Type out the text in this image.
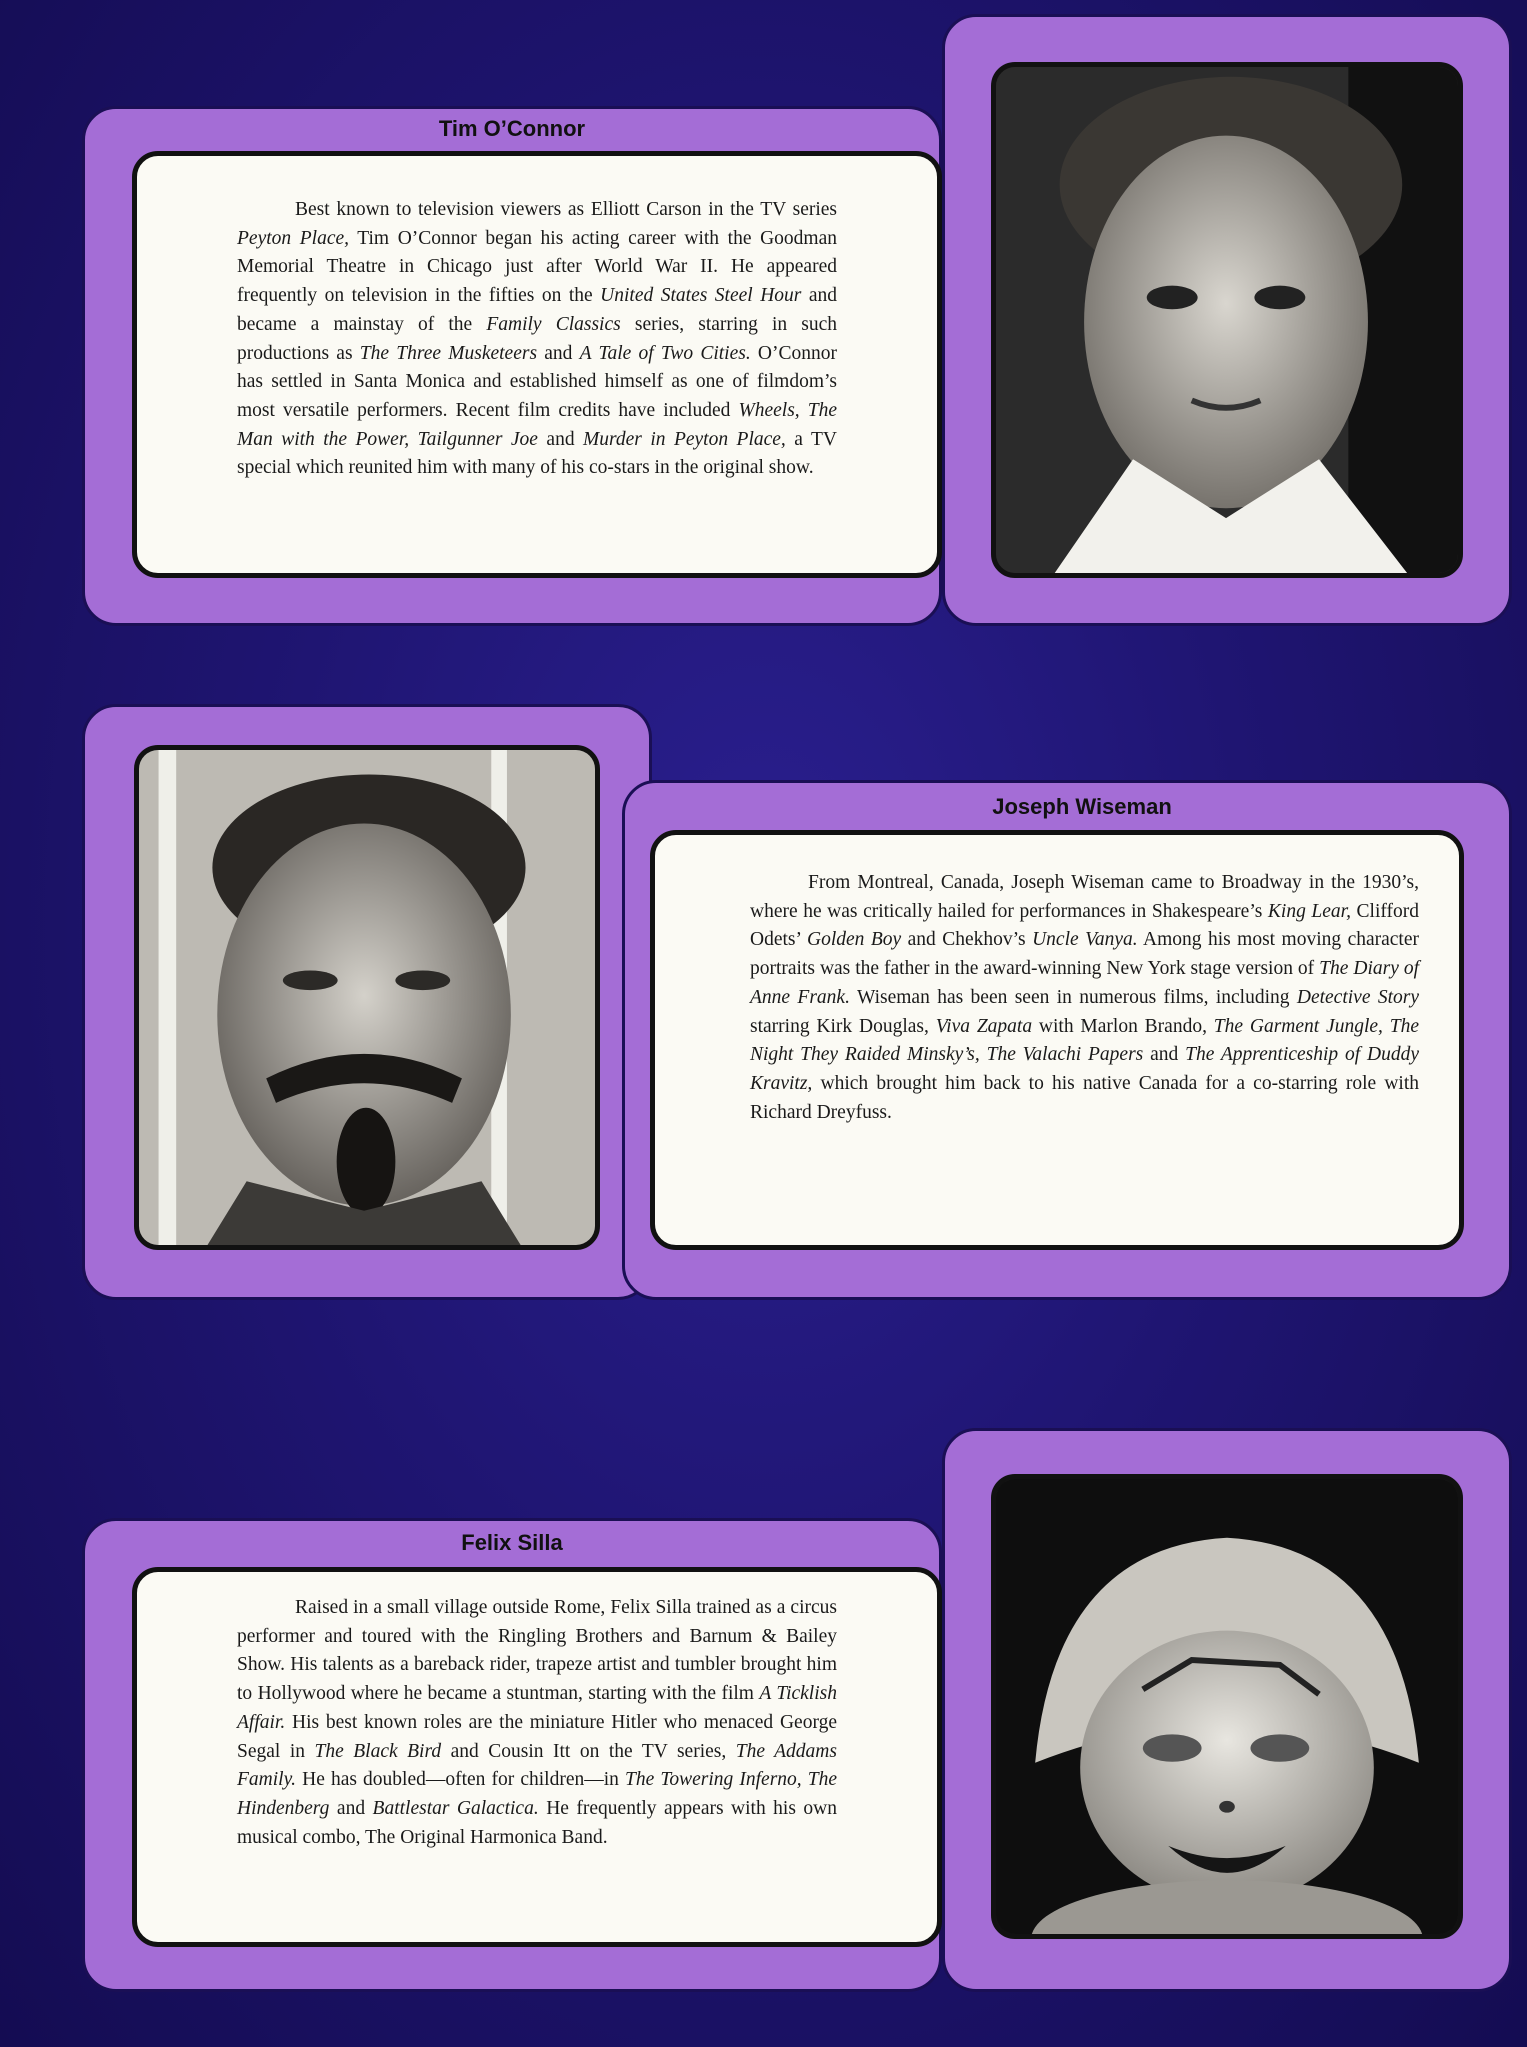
Tim O’Connor

Best known to television viewers as Elliott Carson in the TV series Peyton Place, Tim O’Connor began his acting career with the Goodman Memorial Theatre in Chicago just after World War II. He appeared frequently on television in the fifties on the United States Steel Hour and became a mainstay of the Family Classics series, starring in such productions as The Three Musketeers and A Tale of Two Cities. O’Connor has settled in Santa Monica and established himself as one of filmdom’s most versatile performers. Recent film credits have included Wheels, The Man with the Power, Tailgunner Joe and Murder in Peyton Place, a TV special which reunited him with many of his co-stars in the original show.

Joseph Wiseman

From Montreal, Canada, Joseph Wiseman came to Broadway in the 1930’s, where he was critically hailed for performances in Shakespeare’s King Lear, Clifford Odets’ Golden Boy and Chekhov’s Uncle Vanya. Among his most moving character portraits was the father in the award-winning New York stage version of The Diary of Anne Frank. Wiseman has been seen in numerous films, including Detective Story starring Kirk Douglas, Viva Zapata with Marlon Brando, The Garment Jungle, The Night They Raided Minsky’s, The Valachi Papers and The Apprenticeship of Duddy Kravitz, which brought him back to his native Canada for a co-starring role with Richard Dreyfuss.

Felix Silla

Raised in a small village outside Rome, Felix Silla trained as a circus performer and toured with the Ringling Brothers and Barnum & Bailey Show. His talents as a bareback rider, trapeze artist and tumbler brought him to Hollywood where he became a stuntman, starting with the film A Ticklish Affair. His best known roles are the miniature Hitler who menaced George Segal in The Black Bird and Cousin Itt on the TV series, The Addams Family. He has doubled—often for children—in The Towering Inferno, The Hindenberg and Battlestar Galactica. He frequently appears with his own musical combo, The Original Harmonica Band.
